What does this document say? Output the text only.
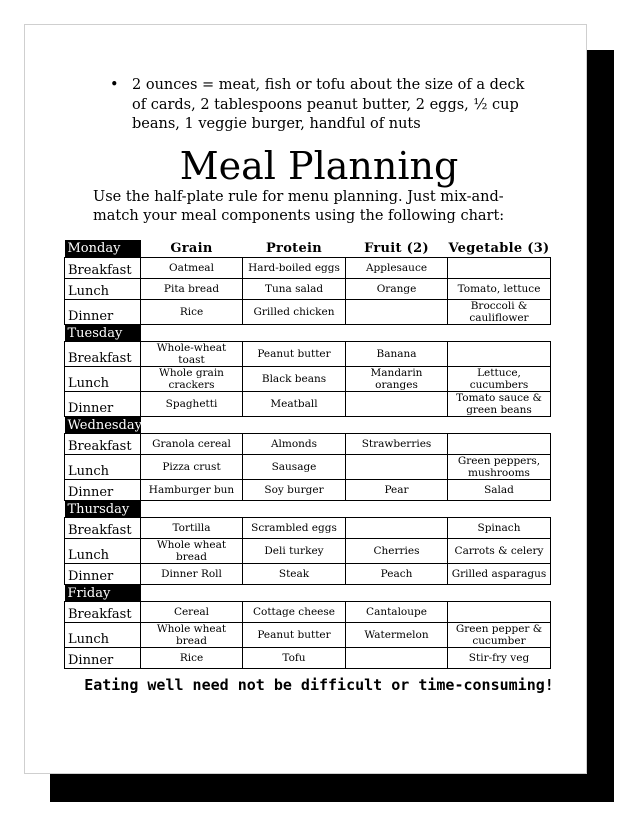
• 2 ounces = meat, fish or tofu about the size of a deck of cards, 2 tablespoons peanut butter, 2 eggs, ½ cup beans, 1 veggie burger, handful of nuts
Meal Planning
Use the half-plate rule for menu planning. Just mix-and-match your meal components using the following chart:
Monday	Grain	Protein	Fruit (2)	Vegetable (3)
Breakfast	Oatmeal	Hard-boiled eggs	Applesauce	
Lunch	Pita bread	Tuna salad	Orange	Tomato, lettuce
Dinner	Rice	Grilled chicken		Broccoli & cauliflower
Tuesday				
Breakfast	Whole-wheat toast	Peanut butter	Banana	
Lunch	Whole grain crackers	Black beans	Mandarin oranges	Lettuce, cucumbers
Dinner	Spaghetti	Meatball		Tomato sauce & green beans
Wednesday				
Breakfast	Granola cereal	Almonds	Strawberries	
Lunch	Pizza crust	Sausage		Green peppers, mushrooms
Dinner	Hamburger bun	Soy burger	Pear	Salad
Thursday				
Breakfast	Tortilla	Scrambled eggs		Spinach
Lunch	Whole wheat bread	Deli turkey	Cherries	Carrots & celery
Dinner	Dinner Roll	Steak	Peach	Grilled asparagus
Friday				
Breakfast	Cereal	Cottage cheese	Cantaloupe	
Lunch	Whole wheat bread	Peanut butter	Watermelon	Green pepper & cucumber
Dinner	Rice	Tofu		Stir-fry veg
Eating well need not be difficult or time-consuming!
